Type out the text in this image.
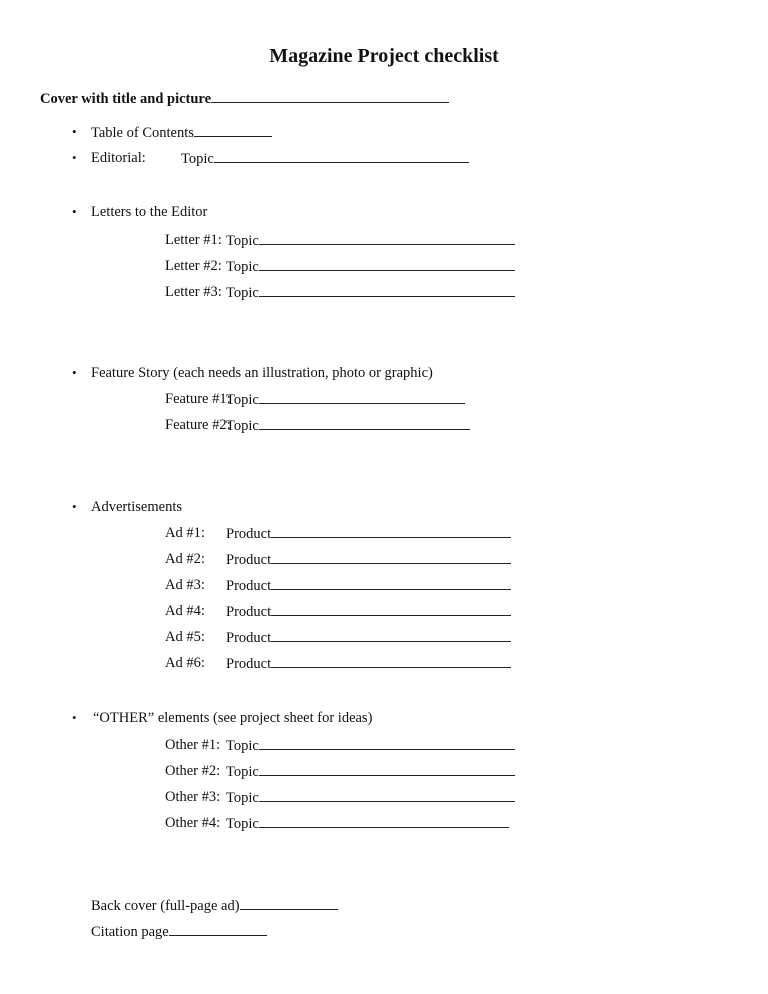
Magazine Project checklist
Cover with title and picture
• Table of Contents
• Editorial: Topic
• Letters to the Editor
Letter #1: Topic
Letter #2: Topic
Letter #3: Topic
• Feature Story (each needs an illustration, photo or graphic)
Feature #1:
Topic
Feature #2:
Topic
• Advertisements
Ad #1: Product
Ad #2: Product
Ad #3: Product
Ad #4: Product
Ad #5: Product
Ad #6: Product
• “OTHER” elements (see project sheet for ideas)
Other #1: Topic
Other #2: Topic
Other #3: Topic
Other #4: Topic
Back cover (full-page ad)
Citation page
